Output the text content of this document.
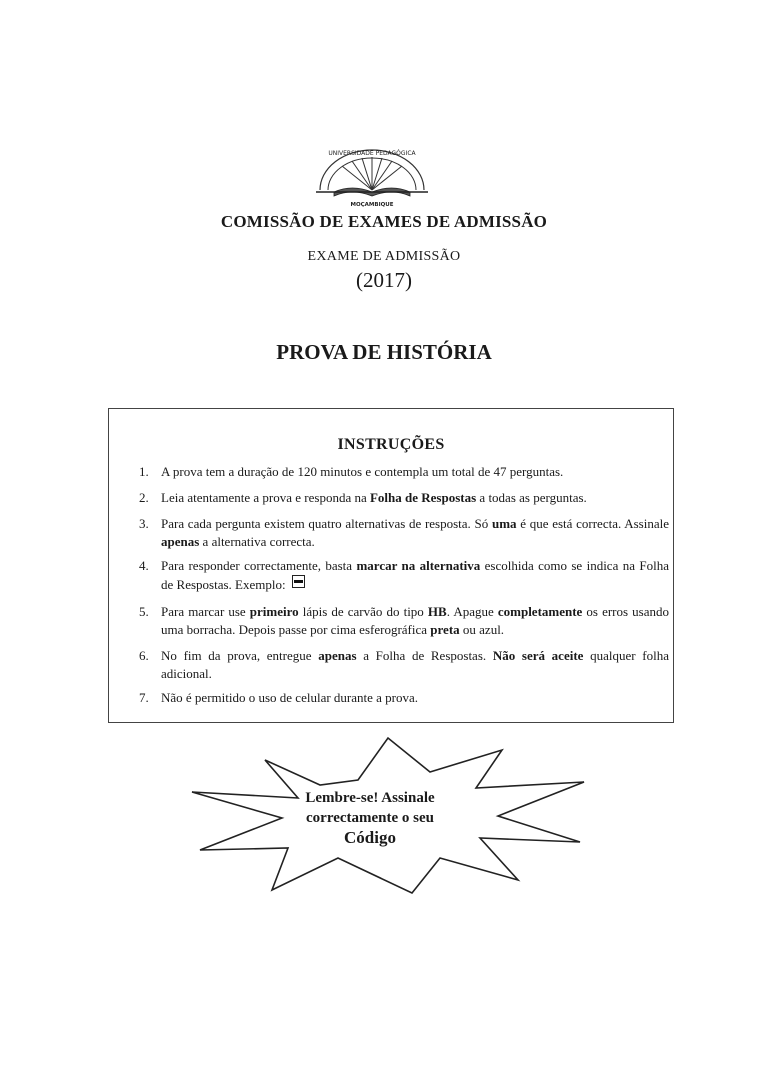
UNIVERSIDADE PEDAGÓGICA
MOÇAMBIQUE
COMISSÃO DE EXAMES DE ADMISSÃO
EXAME DE ADMISSÃO
(2017)
PROVA DE HISTÓRIA
INSTRUÇÕES
1. A prova tem a duração de 120 minutos e contempla um total de 47 perguntas.
2. Leia atentamente a prova e responda na Folha de Respostas a todas as perguntas.
3. Para cada pergunta existem quatro alternativas de resposta. Só uma é que está correcta. Assinale apenas a alternativa correcta.
4. Para responder correctamente, basta marcar na alternativa escolhida como se indica na Folha de Respostas. Exemplo:
5. Para marcar use primeiro lápis de carvão do tipo HB. Apague completamente os erros usando uma borracha. Depois passe por cima esferográfica preta ou azul.
6. No fim da prova, entregue apenas a Folha de Respostas. Não será aceite qualquer folha adicional.
7. Não é permitido o uso de celular durante a prova.
Lembre-se! Assinale
correctamente o seu
Código
